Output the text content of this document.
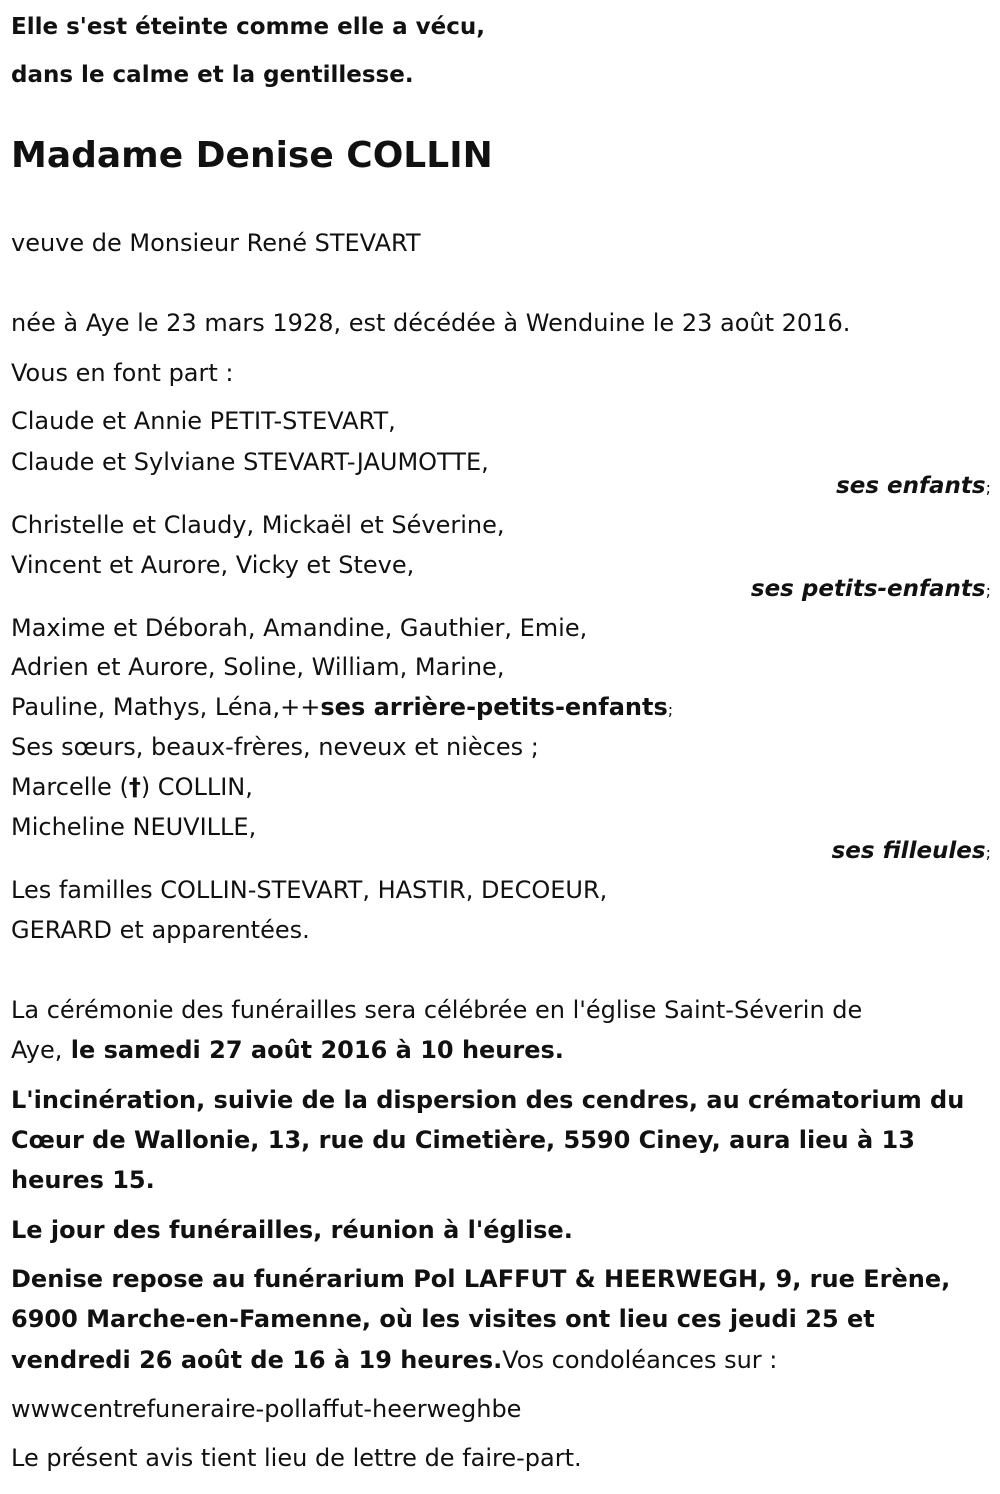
Elle s'est éteinte comme elle a vécu,
dans le calme et la gentillesse.
Madame Denise COLLIN
veuve de Monsieur René STEVART
née à Aye le 23 mars 1928, est décédée à Wenduine le 23 août 2016.
Vous en font part :
Claude et Annie PETIT-STEVART,
Claude et Sylviane STEVART-JAUMOTTE,
ses enfants;
Christelle et Claudy, Mickaël et Séverine,
Vincent et Aurore, Vicky et Steve,
ses petits-enfants;
Maxime et Déborah, Amandine, Gauthier, Emie,
Adrien et Aurore, Soline, William, Marine,
Pauline, Mathys, Léna,++ses arrière-petits-enfants;
Ses sœurs, beaux-frères, neveux et nièces ;
Marcelle (†) COLLIN,
Micheline NEUVILLE,
ses filleules;
Les familles COLLIN-STEVART, HASTIR, DECOEUR,
GERARD et apparentées.
La cérémonie des funérailles sera célébrée en l'église Saint-Séverin de
Aye, le samedi 27 août 2016 à 10 heures.
L'incinération, suivie de la dispersion des cendres, au crématorium du
Cœur de Wallonie, 13, rue du Cimetière, 5590 Ciney, aura lieu à 13
heures 15.
Le jour des funérailles, réunion à l'église.
Denise repose au funérarium Pol LAFFUT & HEERWEGH, 9, rue Erène,
6900 Marche-en-Famenne, où les visites ont lieu ces jeudi 25 et
vendredi 26 août de 16 à 19 heures.Vos condoléances sur :
wwwcentrefuneraire-pollaffut-heerweghbe
Le présent avis tient lieu de lettre de faire-part.
